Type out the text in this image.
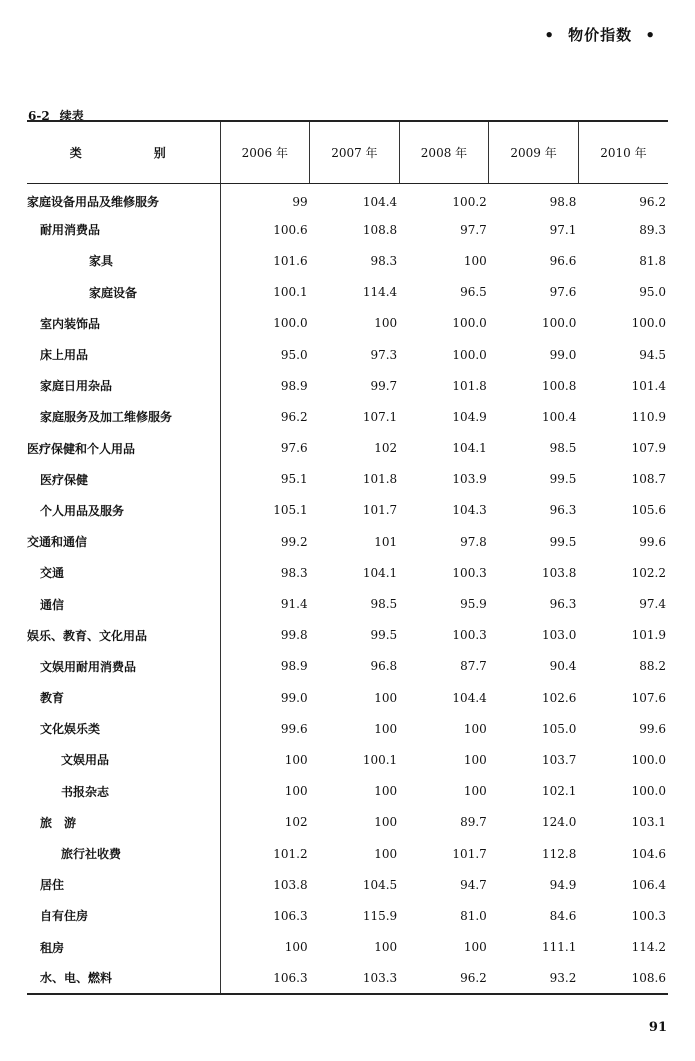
• 物价指数 •
6-2 续表
类　别	2006 年	2007 年	2008 年	2009 年	2010 年
家庭设备用品及维修服务	99	104.4	100.2	98.8	96.2
耐用消费品	100.6	108.8	97.7	97.1	89.3
家具	101.6	98.3	100	96.6	81.8
家庭设备	100.1	114.4	96.5	97.6	95.0
室内装饰品	100.0	100	100.0	100.0	100.0
床上用品	95.0	97.3	100.0	99.0	94.5
家庭日用杂品	98.9	99.7	101.8	100.8	101.4
家庭服务及加工维修服务	96.2	107.1	104.9	100.4	110.9
医疗保健和个人用品	97.6	102	104.1	98.5	107.9
医疗保健	95.1	101.8	103.9	99.5	108.7
个人用品及服务	105.1	101.7	104.3	96.3	105.6
交通和通信	99.2	101	97.8	99.5	99.6
交通	98.3	104.1	100.3	103.8	102.2
通信	91.4	98.5	95.9	96.3	97.4
娱乐、教育、文化用品	99.8	99.5	100.3	103.0	101.9
文娱用耐用消费品	98.9	96.8	87.7	90.4	88.2
教育	99.0	100	104.4	102.6	107.6
文化娱乐类	99.6	100	100	105.0	99.6
文娱用品	100	100.1	100	103.7	100.0
书报杂志	100	100	100	102.1	100.0
旅　游	102	100	89.7	124.0	103.1
旅行社收费	101.2	100	101.7	112.8	104.6
居住	103.8	104.5	94.7	94.9	106.4
自有住房	106.3	115.9	81.0	84.6	100.3
租房	100	100	100	111.1	114.2
水、电、燃料	106.3	103.3	96.2	93.2	108.6
91
